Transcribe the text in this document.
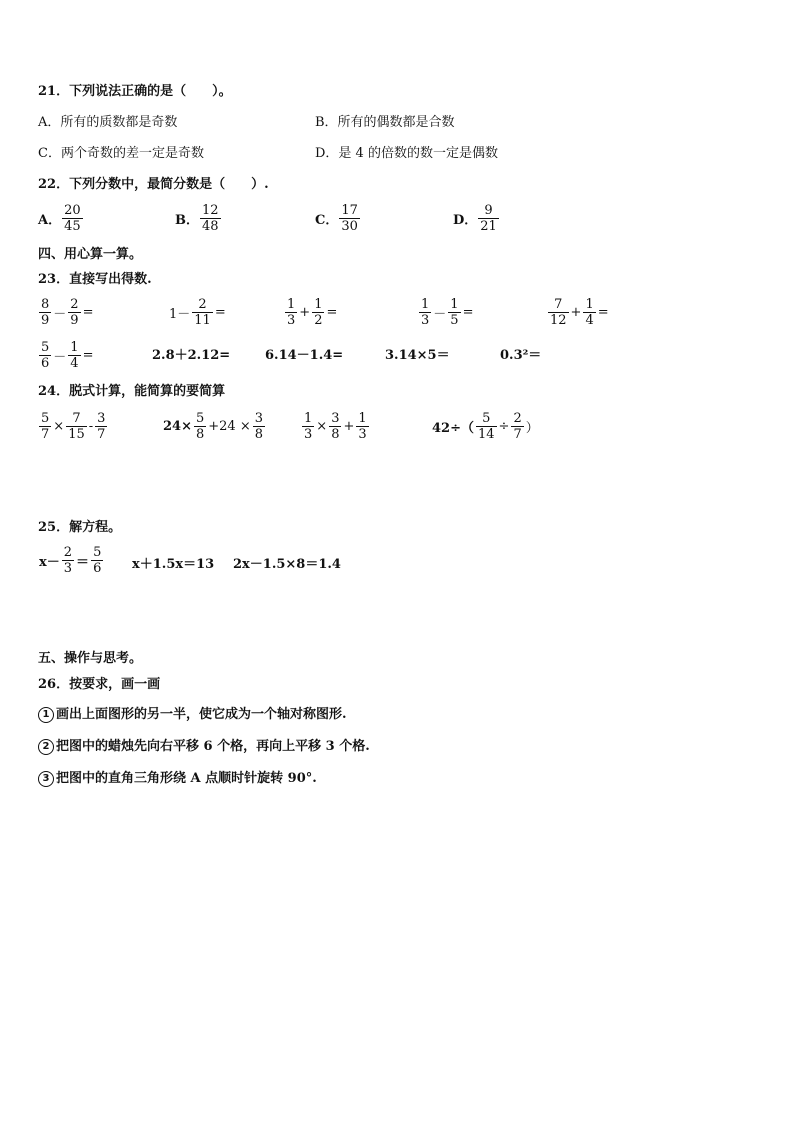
21．下列说法正确的是（　　）。
A．所有的质数都是奇数	B．所有的偶数都是合数
C．两个奇数的差一定是奇数	D．是 4 的倍数的数一定是偶数
22．下列分数中，最简分数是（　　）.
A． $\frac{20}{45}$	B． $\frac{12}{48}$	C． $\frac{17}{30}$	D． $\frac{9}{21}$
四、用心算一算。
23．直接写出得数.
$\frac{8}{9} - \frac{2}{9}$ =	$1- \frac{2}{11}$ =	$\frac{1}{3} + \frac{1}{2}$ =	$\frac{1}{3} - \frac{1}{5}$ =	$\frac{7}{12} + \frac{1}{4}$ =
$\frac{5}{6} - \frac{1}{4}$ =	2.8＋2.12=	6.14－1.4=	3.14×5＝	0.3²＝
24．脱式计算，能简算的要简算
$\frac{5}{7} \times \frac{7}{15} - \frac{3}{7}$	$24\times \frac{5}{8} +24 \times \frac{3}{8}$	$\frac{1}{3} \times \frac{3}{8} + \frac{1}{3}$	$42\div( \frac{5}{14} \div \frac{2}{7}$ ）
25．解方程。
$x- \frac{2}{3} = \frac{5}{6} x+1.5x=13$ 2x－1.5×8＝1.4
五、操作与思考。
26．按要求，画一画
1 画出上面图形的另一半，使它成为一个轴对称图形.
2 把图中的蜡烛先向右平移 6 个格，再向上平移 3 个格.
3 把图中的直角三角形绕 A 点顺时针旋转 90°.
